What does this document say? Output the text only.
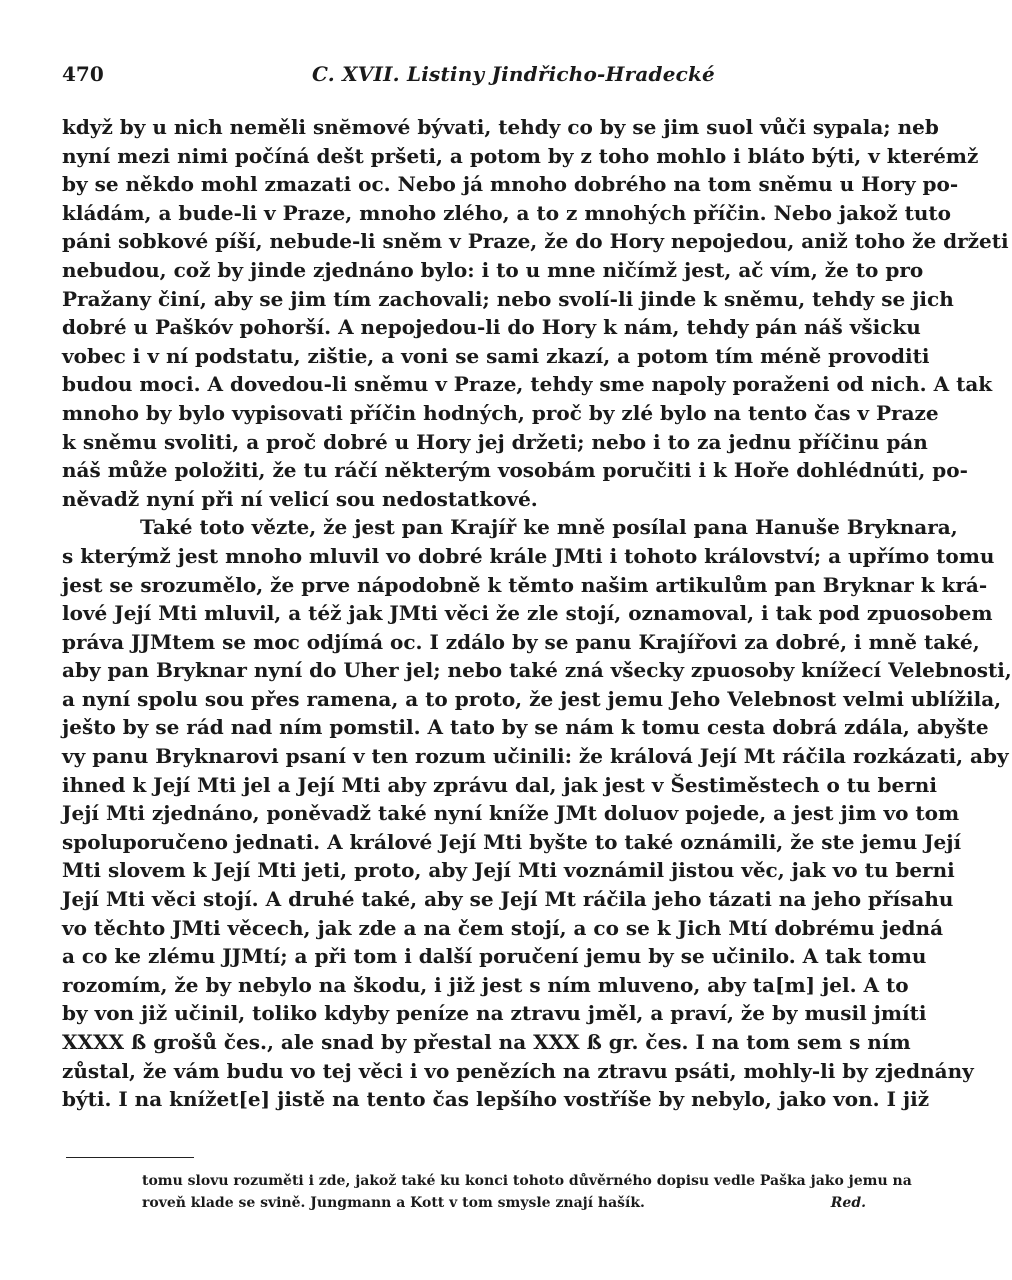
470	C. XVII. Listiny Jindřicho-Hradecké
když by u nich neměli snĕmové bývati, tehdy co by se jim suol vůči sypala; neb
nyní mezi nimi počíná dešt pršeti, a potom by z toho mohlo i bláto býti, v kterémž
by se někdo mohl zmazati oc. Nebo já mnoho dobrého na tom sněmu u Hory po-
kládám, a bude-li v Praze, mnoho zlého, a to z mnohých příčin. Nebo jakož tuto
páni sobkové píší, nebude-li sněm v Praze, že do Hory nepojedou, aniž toho že držeti
nebudou, což by jinde zjednáno bylo: i to u mne ničímž jest, ač vím, že to pro
Pražany činí, aby se jim tím zachovali; nebo svolí-li jinde k sněmu, tehdy se jich
dobré u Paškóv pohorší. A nepojedou-li do Hory k nám, tehdy pán náš všicku
vobec i v ní podstatu, zištie, a voni se sami zkazí, a potom tím méně provoditi
budou moci. A dovedou-li sněmu v Praze, tehdy sme napoly poraženi od nich. A tak
mnoho by bylo vypisovati příčin hodných, proč by zlé bylo na tento čas v Praze
k sněmu svoliti, a proč dobré u Hory jej držeti; nebo i to za jednu příčinu pán
náš může položiti, že tu ráčí některým vosobám poručiti i k Hoře dohlédnúti, po-
něvadž nyní při ní velicí sou nedostatkové.
Také toto vězte, že jest pan Krajíř ke mně posílal pana Hanuše Bryknara,
s kterýmž jest mnoho mluvil vo dobré krále JMti i tohoto království; a upřímo tomu
jest se srozumělo, že prve nápodobně k těmto našim artikulům pan Bryknar k krá-
lové Její Mti mluvil, a též jak JMti věci že zle stojí, oznamoval, i tak pod zpuosobem
práva JJMtem se moc odjímá oc. I zdálo by se panu Krajířovi za dobré, i mně také,
aby pan Bryknar nyní do Uher jel; nebo také zná všecky zpuosoby knížecí Velebnosti,
a nyní spolu sou přes ramena, a to proto, že jest jemu Jeho Velebnost velmi ublížila,
ješto by se rád nad ním pomstil. A tato by se nám k tomu cesta dobrá zdála, abyšte
vy panu Bryknarovi psaní v ten rozum učinili: že králová Její Mt ráčila rozkázati, aby
ihned k Její Mti jel a Její Mti aby zprávu dal, jak jest v Šestiměstech o tu berni
Její Mti zjednáno, poněvadž také nyní kníže JMt doluov pojede, a jest jim vo tom
spoluporučeno jednati. A králové Její Mti byšte to také oznámili, že ste jemu Její
Mti slovem k Její Mti jeti, proto, aby Její Mti voznámil jistou věc, jak vo tu berni
Její Mti věci stojí. A druhé také, aby se Její Mt ráčila jeho tázati na jeho přísahu
vo těchto JMti věcech, jak zde a na čem stojí, a co se k Jich Mtí dobrému jedná
a co ke zlému JJMtí; a při tom i další poručení jemu by se učinilo. A tak tomu
rozomím, že by nebylo na škodu, i již jest s ním mluveno, aby ta[m] jel. A to
by von již učinil, toliko kdyby peníze na ztravu jměl, a praví, že by musil jmíti
XXXX ß grošů čes., ale snad by přestal na XXX ß gr. čes. I na tom sem s ním
zůstal, že vám budu vo tej věci i vo penězích na ztravu psáti, mohly-li by zjednány
býti. I na knížet[e] jistě na tento čas lepšího vostříše by nebylo, jako von. I již
tomu slovu rozuměti i zde, jakož také ku konci tohoto důvěrného dopisu vedle Paška jako jemu na
roveň klade se svině. Jungmann a Kott v tom smysle znají hašík.	Red.
